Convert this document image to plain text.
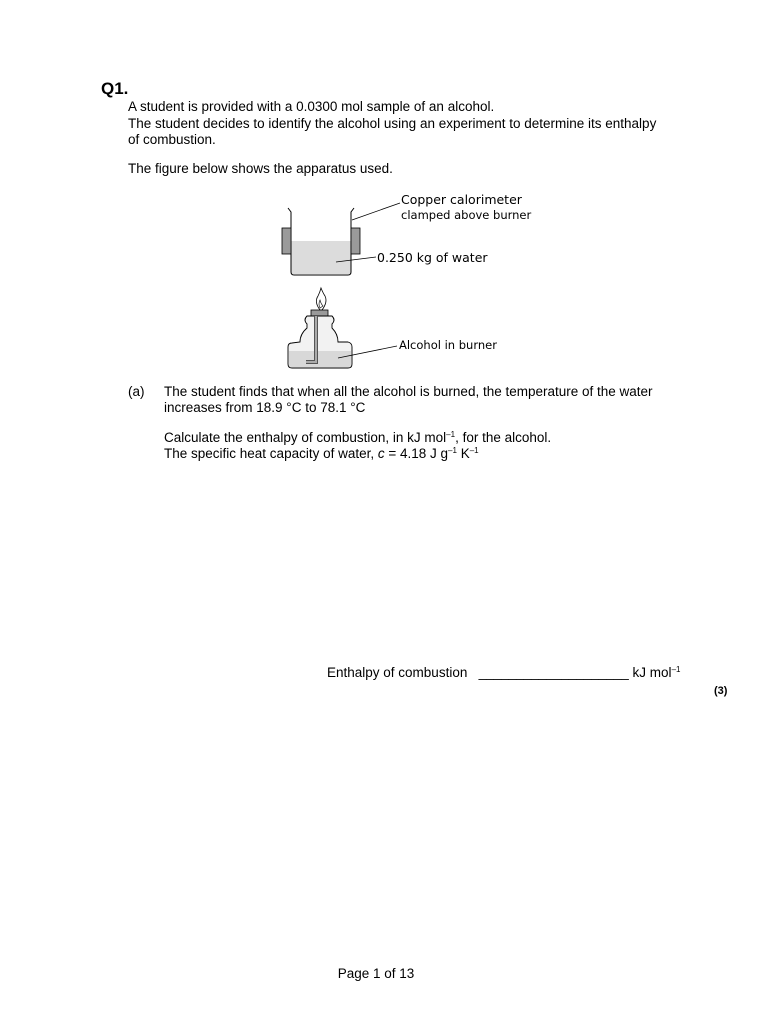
Q1.
A student is provided with a 0.0300 mol sample of an alcohol.
The student decides to identify the alcohol using an experiment to determine its enthalpy
of combustion.
The figure below shows the apparatus used.
Copper calorimeter
clamped above burner
0.250 kg of water
Alcohol in burner
(a) The student finds that when all the alcohol is burned, the temperature of the water
increases from 18.9 °C to 78.1 °C
Calculate the enthalpy of combustion, in kJ mol$^{-1}$, for the alcohol.
The specific heat capacity of water, c = 4.18 J $g^{-1}$ $K^{-1}$
Enthalpy of combustion ____________________ kJ mol$^{-1}$
(3)
Page 1 of 13
